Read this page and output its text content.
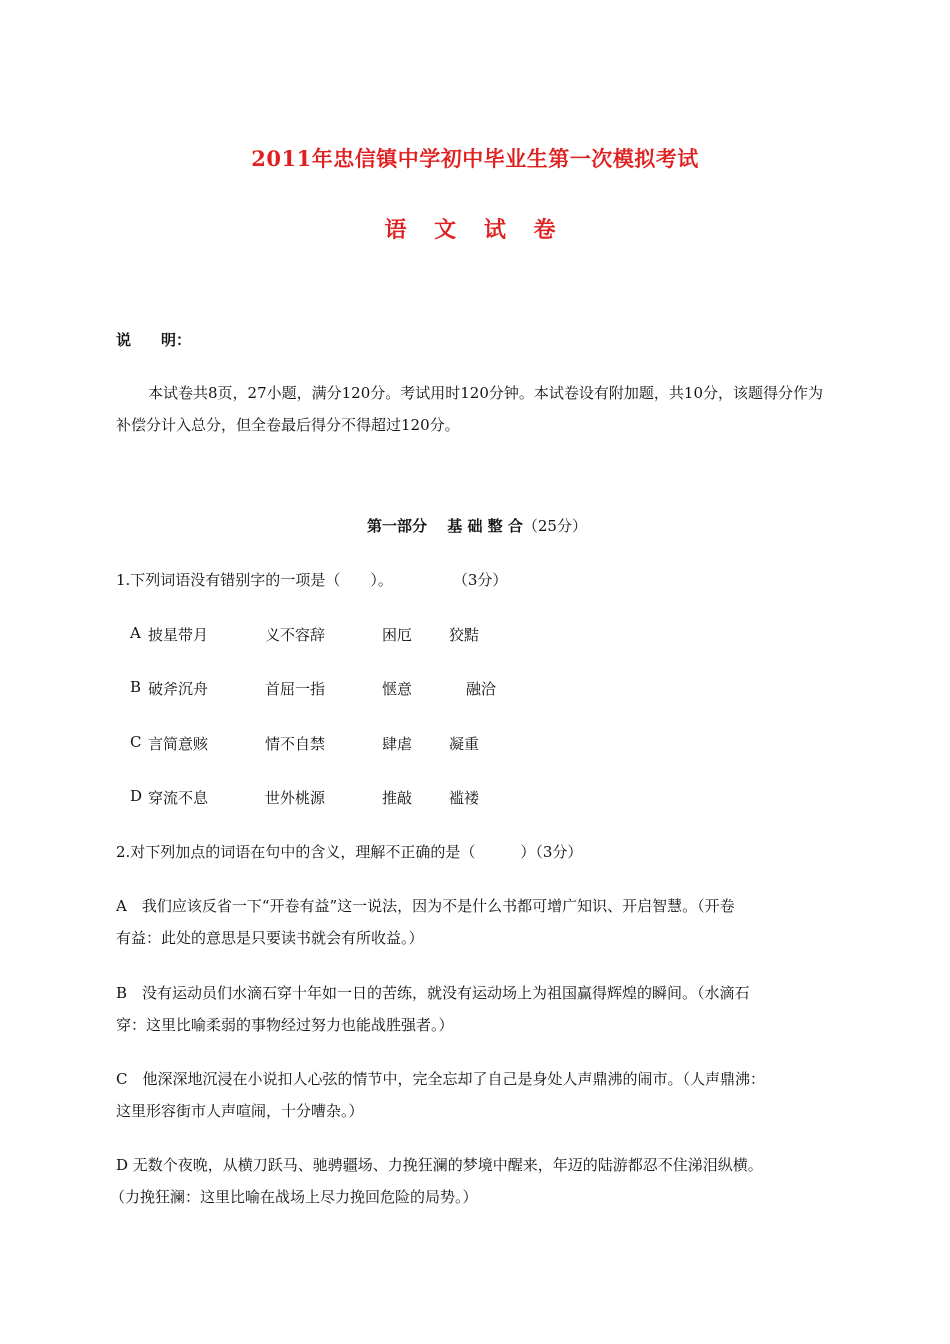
2011年忠信镇中学初中毕业生第一次模拟考试
语 文 试 卷
说　　明：
本试卷共8页，27小题，满分120分。考试用时120分钟。本试卷设有附加题，共10分，该题得分作为补偿分计入总分，但全卷最后得分不得超过120分。
第一部分　 基 础 整 合（25分）
1.下列词语没有错别字的一项是（　　）。　　　　　（3分）
A 披星带月	义不容辞	困厄 狡黠
B 破斧沉舟	首屈一指	惬意	融洽
C 言简意赅	情不自禁	肆虐 凝重
D 穿流不息	世外桃源	推敲 褴褛
2.对下列加点的词语在句中的含义，理解不正确的是（　　　）（3分）
A　我们应该反省一下“开卷有益”这一说法，因为不是什么书都可增广知识、开启智慧。（开卷
有益：此处的意思是只要读书就会有所收益。）
B　没有运动员们水滴石穿十年如一日的苦练，就没有运动场上为祖国赢得辉煌的瞬间。（水滴石
穿：这里比喻柔弱的事物经过努力也能战胜强者。）
C　他深深地沉浸在小说扣人心弦的情节中，完全忘却了自己是身处人声鼎沸的闹市。（人声鼎沸：
这里形容街市人声喧闹，十分嘈杂。）
D 无数个夜晚，从横刀跃马、驰骋疆场、力挽狂澜的梦境中醒来，年迈的陆游都忍不住涕泪纵横。
（力挽狂澜：这里比喻在战场上尽力挽回危险的局势。）
